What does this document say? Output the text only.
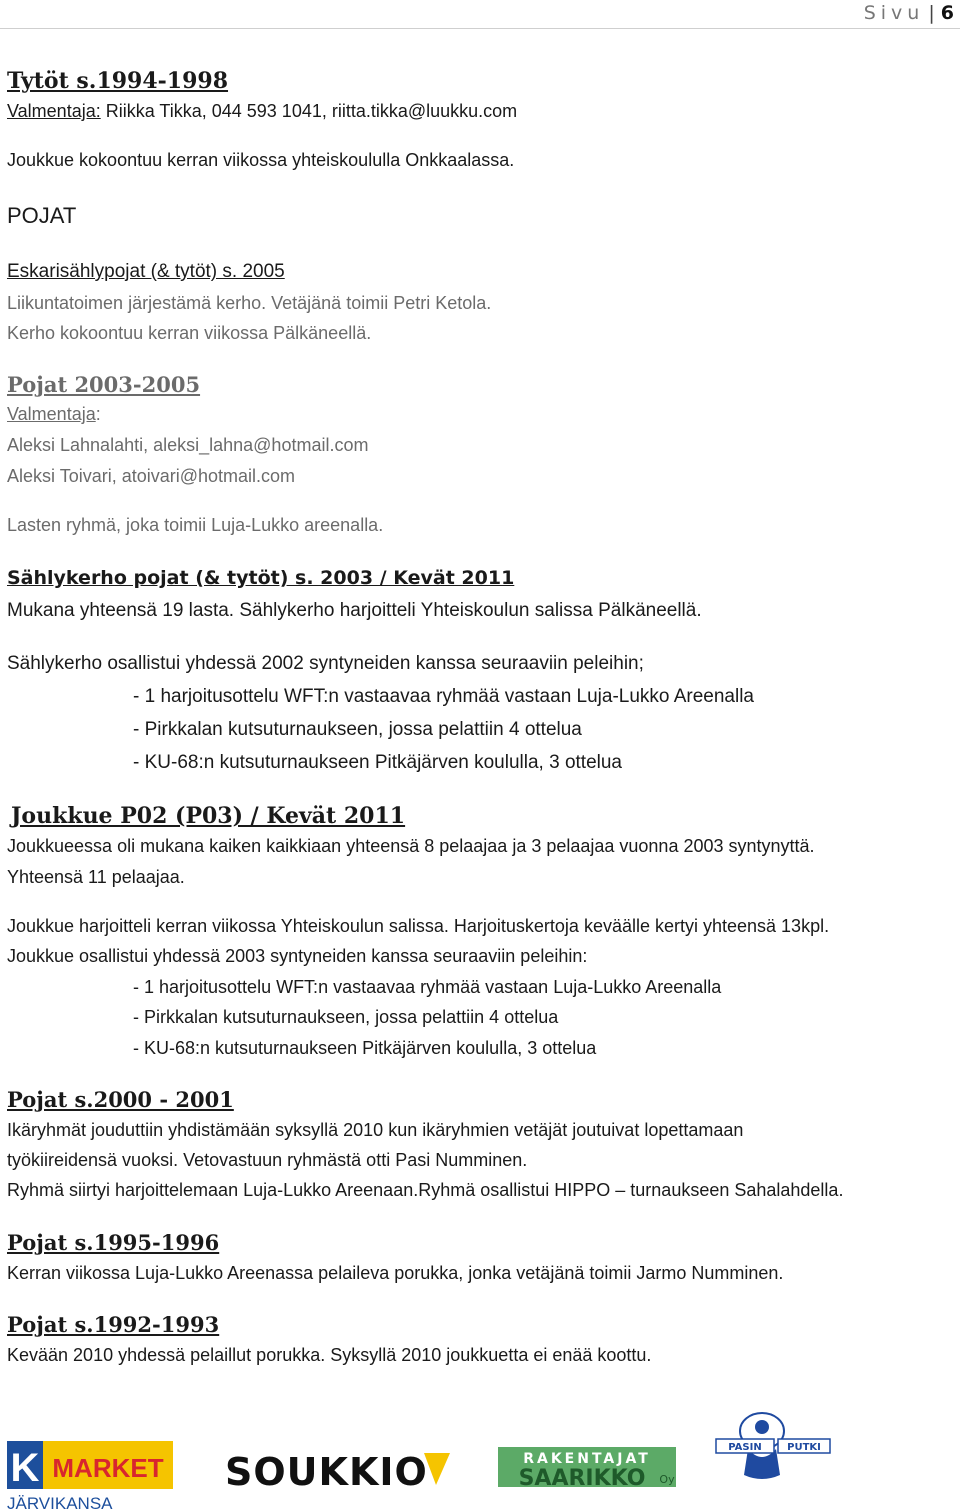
Sivu | 6
Tytöt s.1994-1998
Valmentaja: Riikka Tikka, 044 593 1041, riitta.tikka@luukku.com
Joukkue kokoontuu kerran viikossa yhteiskoululla Onkkaalassa.
POJAT
Eskarisählypojat (& tytöt) s. 2005
Liikuntatoimen järjestämä kerho. Vetäjänä toimii Petri Ketola.
Kerho kokoontuu kerran viikossa Pälkäneellä.
Pojat 2003-2005
Valmentaja:
Aleksi Lahnalahti, aleksi_lahna@hotmail.com
Aleksi Toivari, atoivari@hotmail.com
Lasten ryhmä, joka toimii Luja-Lukko areenalla.
Sählykerho pojat (& tytöt) s. 2003 / Kevät 2011
Mukana yhteensä 19 lasta. Sählykerho harjoitteli Yhteiskoulun salissa Pälkäneellä.
Sählykerho osallistui yhdessä 2002 syntyneiden kanssa seuraaviin peleihin;
- 1 harjoitusottelu WFT:n vastaavaa ryhmää vastaan Luja-Lukko Areenalla
- Pirkkalan kutsuturnaukseen, jossa pelattiin 4 ottelua
- KU-68:n kutsuturnaukseen Pitkäjärven koululla, 3 ottelua
Joukkue P02 (P03) / Kevät 2011
Joukkueessa oli mukana kaiken kaikkiaan yhteensä 8 pelaajaa ja 3 pelaajaa vuonna 2003 syntynyttä.
Yhteensä 11 pelaajaa.
Joukkue harjoitteli kerran viikossa Yhteiskoulun salissa. Harjoituskertoja keväälle kertyi yhteensä 13kpl.
Joukkue osallistui yhdessä 2003 syntyneiden kanssa seuraaviin peleihin:
- 1 harjoitusottelu WFT:n vastaavaa ryhmää vastaan Luja-Lukko Areenalla
- Pirkkalan kutsuturnaukseen, jossa pelattiin 4 ottelua
- KU-68:n kutsuturnaukseen Pitkäjärven koululla, 3 ottelua
Pojat s.2000 - 2001
Ikäryhmät jouduttiin yhdistämään syksyllä 2010 kun ikäryhmien vetäjät joutuivat lopettamaan
työkiireidensä vuoksi. Vetovastuun ryhmästä otti Pasi Numminen.
Ryhmä siirtyi harjoittelemaan Luja-Lukko Areenaan.Ryhmä osallistui HIPPO – turnaukseen Sahalahdella.
Pojat s.1995-1996
Kerran viikossa Luja-Lukko Areenassa pelaileva porukka, jonka vetäjänä toimii Jarmo Numminen.
Pojat s.1992-1993
Kevään 2010 yhdessä pelaillut porukka. Syksyllä 2010 joukkuetta ei enää koottu.
K MARKET
JÄRVIKANSA
SOUKKIO	RAKENTAJAT
SAARIKKO Oy
PASIN	PUTKI
